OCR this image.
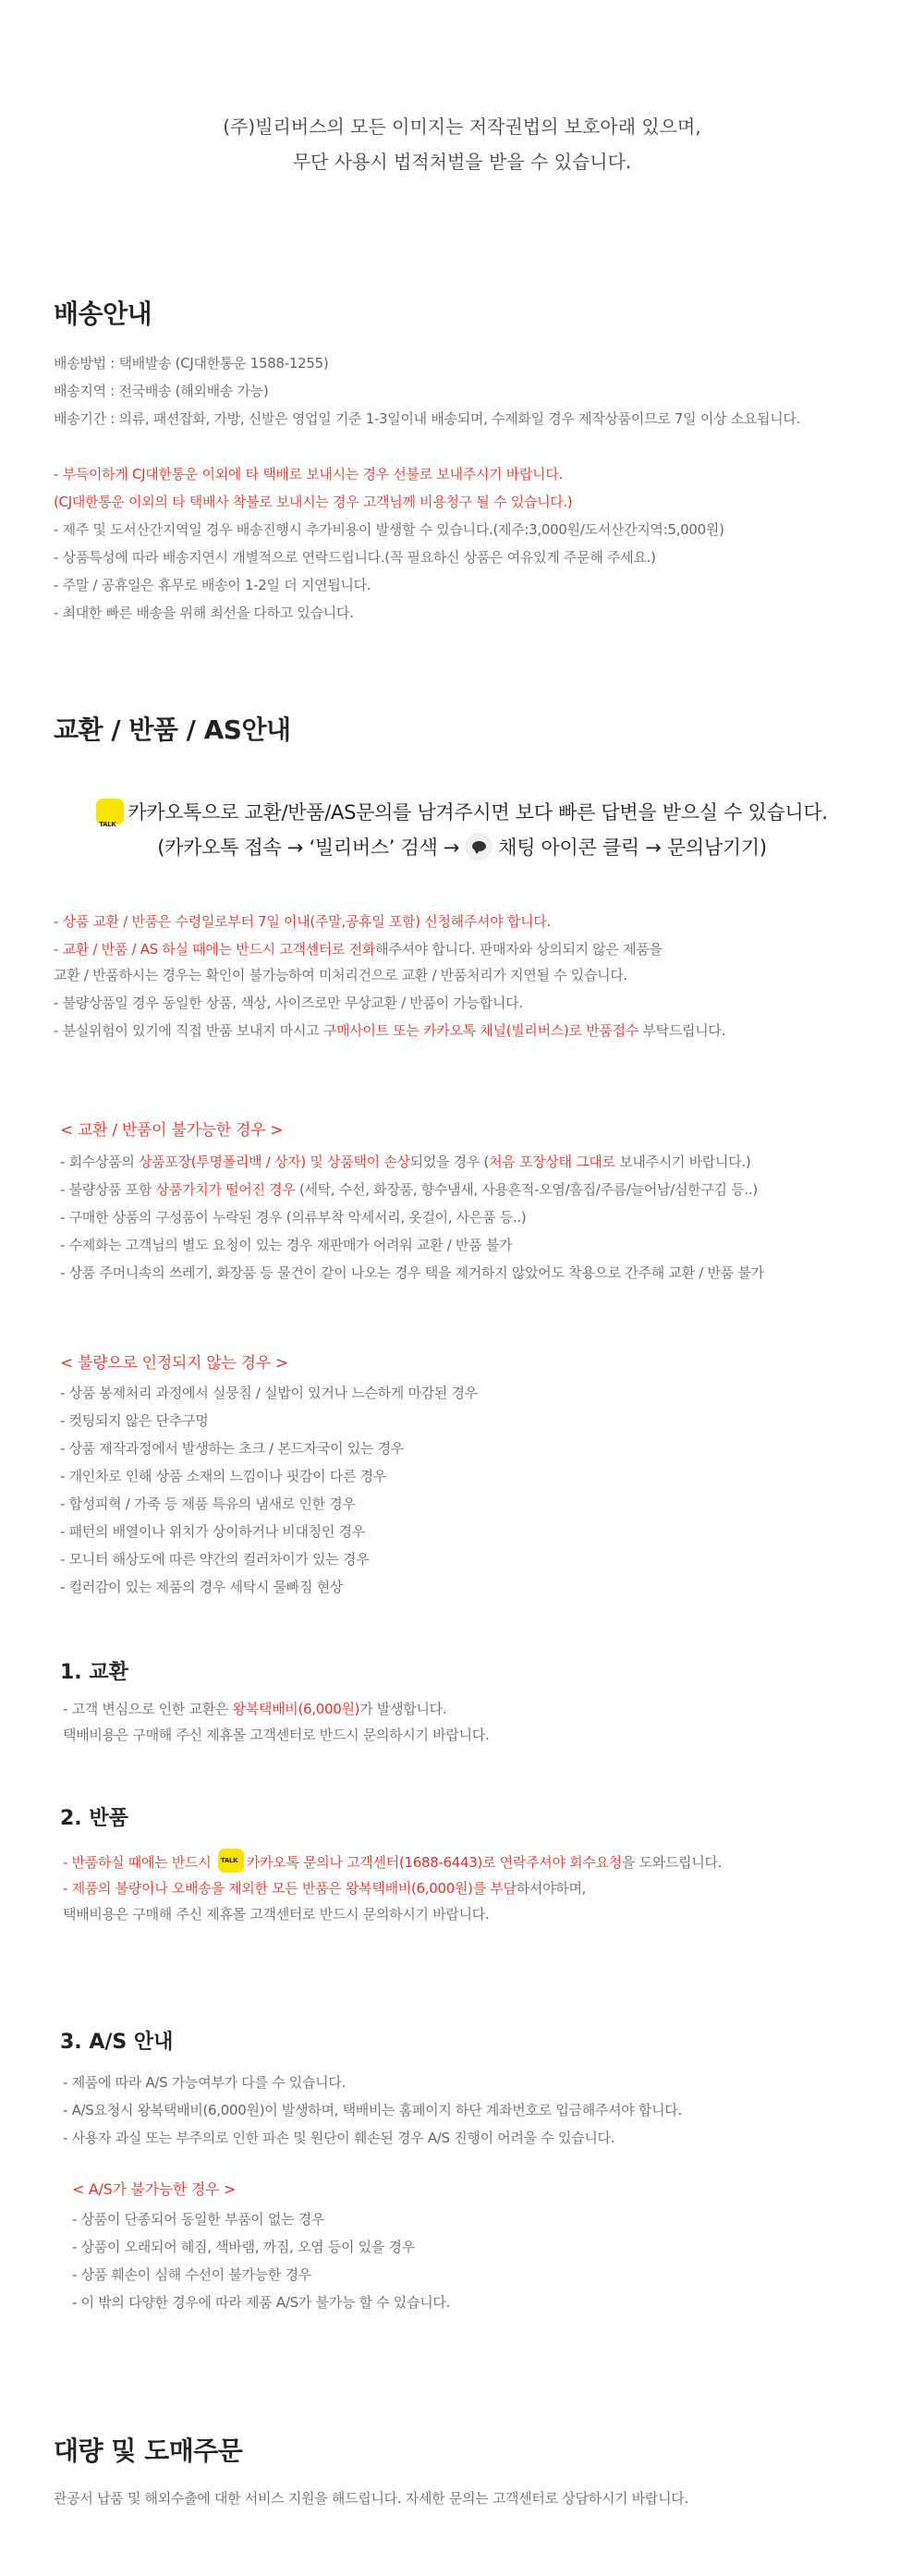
(주)빌리버스의 모든 이미지는 저작권법의 보호아래 있으며,
무단 사용시 법적처벌을 받을 수 있습니다.
배송안내
배송방법 : 택배발송 (CJ대한통운 1588-1255)
배송지역 : 전국배송 (해외배송 가능)
배송기간 : 의류, 패션잡화, 가방, 신발은 영업일 기준 1-3일이내 배송되며, 수제화일 경우 제작상품이므로 7일 이상 소요됩니다.
- 부득이하게 CJ대한통운 이외에 타 택배로 보내시는 경우 선불로 보내주시기 바랍니다.
(CJ대한통운 이외의 타 택배사 착불로 보내시는 경우 고객님께 비용청구 될 수 있습니다.)
- 제주 및 도서산간지역일 경우 배송진행시 추가비용이 발생할 수 있습니다.(제주:3,000원/도서산간지역:5,000원)
- 상품특성에 따라 배송지연시 개별적으로 연락드립니다.(꼭 필요하신 상품은 여유있게 주문해 주세요.)
- 주말 / 공휴일은 휴무로 배송이 1-2일 더 지연됩니다.
- 최대한 빠른 배송을 위해 최선을 다하고 있습니다.
교환 / 반품 / AS안내
TALK카카오톡으로 교환/반품/AS문의를 남겨주시면 보다 빠른 답변을 받으실 수 있습니다.
(카카오톡 접속 → ‘빌리버스’ 검색 → 채팅 아이콘 클릭 → 문의남기기)
- 상품 교환 / 반품은 수령일로부터 7일 이내(주말,공휴일 포함) 신청해주셔야 합니다.
- 교환 / 반품 / AS 하실 때에는 반드시 고객센터로 전화해주셔야 합니다. 판매자와 상의되지 않은 제품을
교환 / 반품하시는 경우는 확인이 불가능하여 미처리건으로 교환 / 반품처리가 지연될 수 있습니다.
- 불량상품일 경우 동일한 상품, 색상, 사이즈로만 무상교환 / 반품이 가능합니다.
- 분실위험이 있기에 직접 반품 보내지 마시고 구매사이트 또는 카카오톡 채널(빌리버스)로 반품접수 부탁드립니다.
< 교환 / 반품이 불가능한 경우 >
- 회수상품의 상품포장(투명폴리백 / 상자) 및 상품택이 손상되었을 경우 (처음 포장상태 그대로 보내주시기 바랍니다.)
- 불량상품 포함 상품가치가 떨어진 경우 (세탁, 수선, 화장품, 향수냄새, 사용흔적-오염/흠집/주름/늘어남/심한구김 등..)
- 구매한 상품의 구성품이 누락된 경우 (의류부착 악세서리, 옷걸이, 사은품 등..)
- 수제화는 고객님의 별도 요청이 있는 경우 재판매가 어려워 교환 / 반품 불가
- 상품 주머니속의 쓰레기, 화장품 등 물건이 같이 나오는 경우 택을 제거하지 않았어도 착용으로 간주해 교환 / 반품 불가
< 불량으로 인정되지 않는 경우 >
- 상품 봉제처리 과정에서 실뭉침 / 실밥이 있거나 느슨하게 마감된 경우
- 컷팅되지 않은 단추구멍
- 상품 제작과정에서 발생하는 초크 / 본드자국이 있는 경우
- 개인차로 인해 상품 소재의 느낌이나 핏감이 다른 경우
- 합성피혁 / 가죽 등 제품 특유의 냄새로 인한 경우
- 패턴의 배열이나 위치가 상이하거나 비대칭인 경우
- 모니터 해상도에 따른 약간의 컬러차이가 있는 경우
- 컬러감이 있는 제품의 경우 세탁시 물빠짐 현상
1. 교환
- 고객 변심으로 인한 교환은 왕복택배비(6,000원)가 발생합니다.
택배비용은 구매해 주신 제휴몰 고객센터로 반드시 문의하시기 바랍니다.
2. 반품
- 반품하실 때에는 반드시 TALK카카오톡 문의나 고객센터(1688-6443)로 연락주셔야 회수요청을 도와드립니다.
- 제품의 불량이나 오배송을 제외한 모든 반품은 왕복택배비(6,000원)를 부담하셔야하며,
택배비용은 구매해 주신 제휴몰 고객센터로 반드시 문의하시기 바랍니다.
3. A/S 안내
- 제품에 따라 A/S 가능여부가 다를 수 있습니다.
- A/S요청시 왕복택배비(6,000원)이 발생하며, 택배비는 홈페이지 하단 계좌번호로 입금해주셔야 합니다.
- 사용자 과실 또는 부주의로 인한 파손 및 원단이 훼손된 경우 A/S 진행이 어려울 수 있습니다.
< A/S가 불가능한 경우 >
- 상품이 단종되어 동일한 부품이 없는 경우
- 상품이 오래되어 헤짐, 색바램, 까짐, 오염 등이 있을 경우
- 상품 훼손이 심해 수선이 불가능한 경우
- 이 밖의 다양한 경우에 따라 제품 A/S가 불가능 할 수 있습니다.
대량 및 도매주문
관공서 납품 및 해외수출에 대한 서비스 지원을 해드립니다. 자세한 문의는 고객센터로 상담하시기 바랍니다.
